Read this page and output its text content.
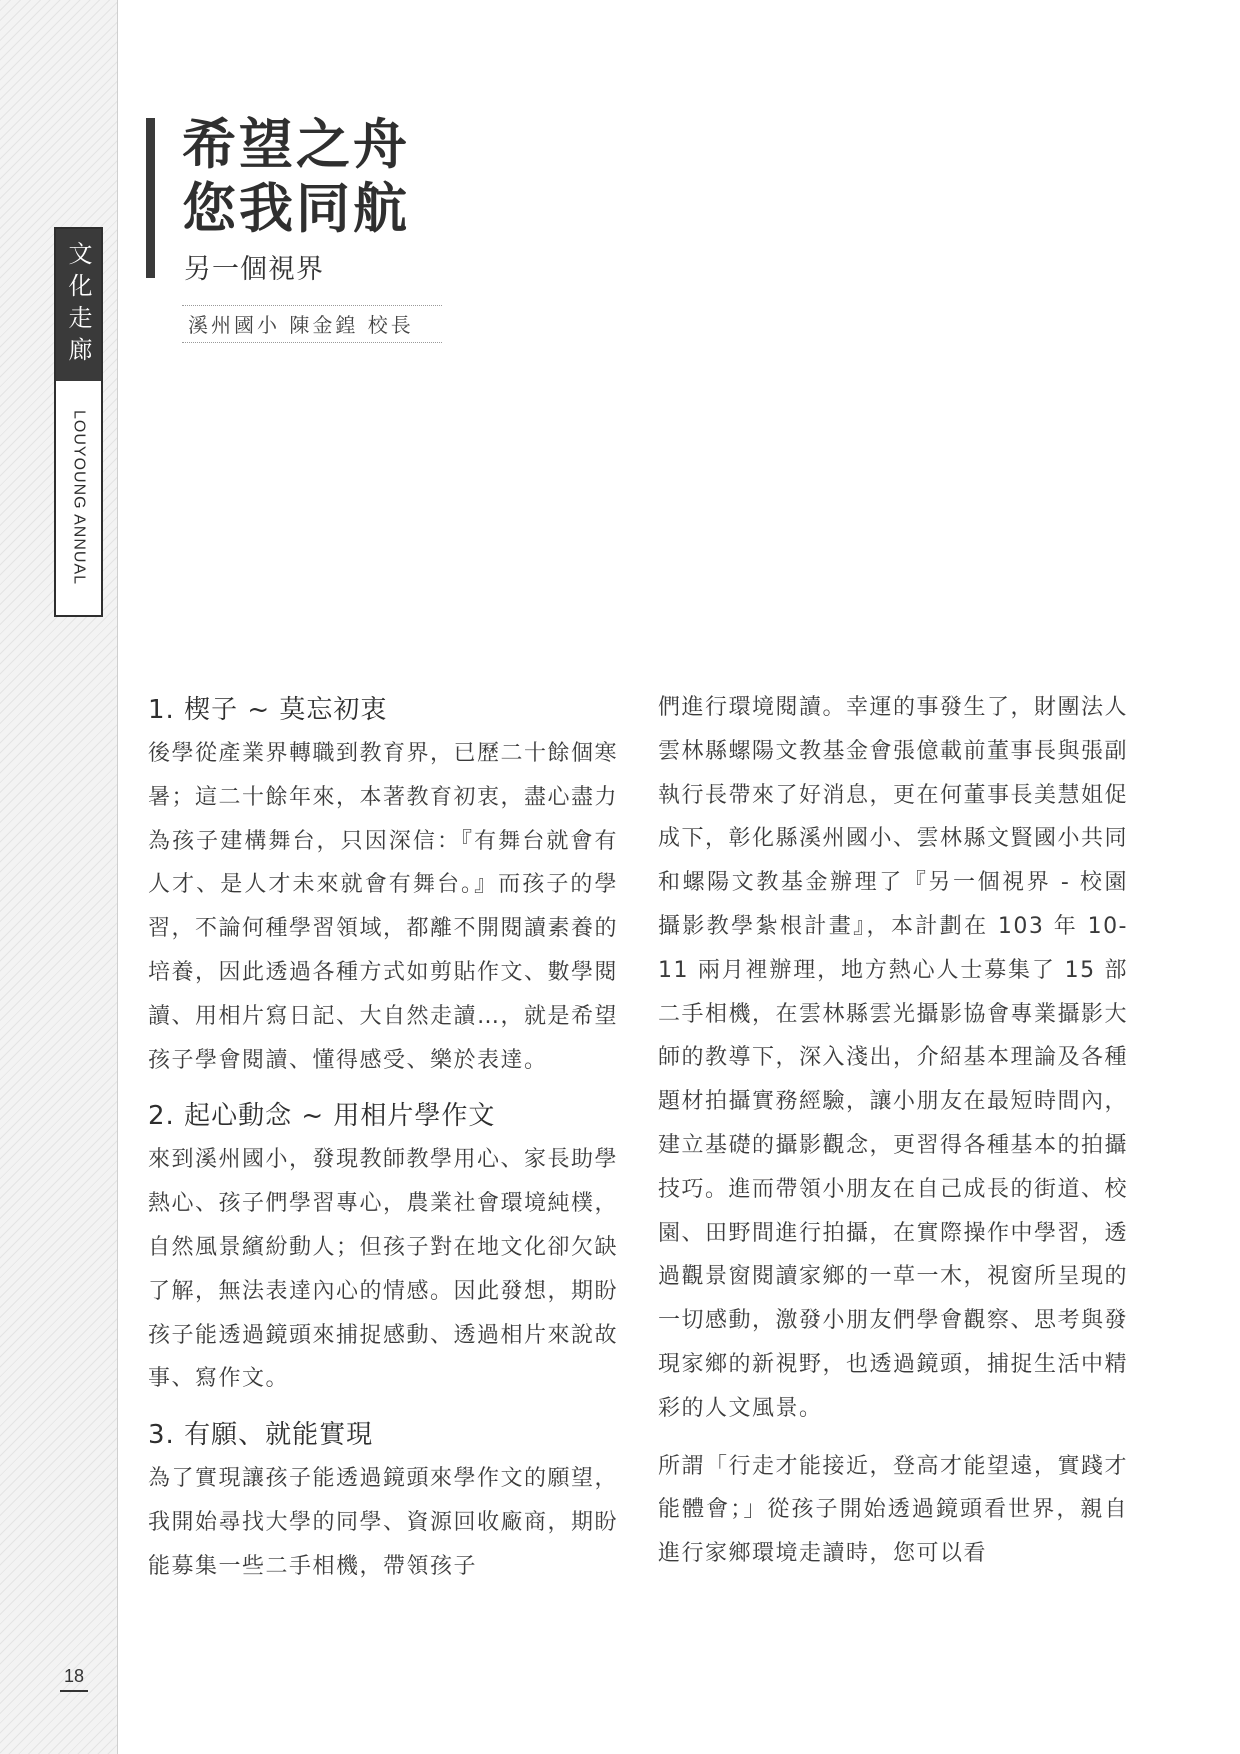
文化走廊
LOUYOUNG ANNUAL
18
希望之舟
您我同航
另一個視界
溪州國小 陳金鍠 校長
1. 楔子 ~ 莫忘初衷

後學從產業界轉職到教育界，已歷二十餘個寒暑；這二十餘年來，本著教育初衷，盡心盡力為孩子建構舞台，只因深信：『有舞台就會有人才、是人才未來就會有舞台。』而孩子的學習，不論何種學習領域，都離不開閱讀素養的培養，因此透過各種方式如剪貼作文、數學閱讀、用相片寫日記、大自然走讀…，就是希望孩子學會閱讀、懂得感受、樂於表達。

2. 起心動念 ~ 用相片學作文

來到溪州國小，發現教師教學用心、家長助學熱心、孩子們學習專心，農業社會環境純樸，自然風景繽紛動人；但孩子對在地文化卻欠缺了解，無法表達內心的情感。因此發想，期盼孩子能透過鏡頭來捕捉感動、透過相片來說故事、寫作文。

3. 有願、就能實現

為了實現讓孩子能透過鏡頭來學作文的願望，我開始尋找大學的同學、資源回收廠商，期盼能募集一些二手相機，帶領孩子

們進行環境閱讀。幸運的事發生了，財團法人雲林縣螺陽文教基金會張億載前董事長與張副執行長帶來了好消息，更在何董事長美慧姐促成下，彰化縣溪州國小、雲林縣文賢國小共同和螺陽文教基金辦理了『另一個視界 - 校園攝影教學紮根計畫』，本計劃在 103 年 10-11 兩月裡辦理，地方熱心人士募集了 15 部二手相機，在雲林縣雲光攝影協會專業攝影大師的教導下，深入淺出，介紹基本理論及各種題材拍攝實務經驗，讓小朋友在最短時間內，建立基礎的攝影觀念，更習得各種基本的拍攝技巧。進而帶領小朋友在自己成長的街道、校園、田野間進行拍攝，在實際操作中學習，透過觀景窗閱讀家鄉的一草一木，視窗所呈現的一切感動，激發小朋友們學會觀察、思考與發現家鄉的新視野，也透過鏡頭，捕捉生活中精彩的人文風景。

所謂「行走才能接近，登高才能望遠，實踐才能體會；」從孩子開始透過鏡頭看世界，親自進行家鄉環境走讀時，您可以看
